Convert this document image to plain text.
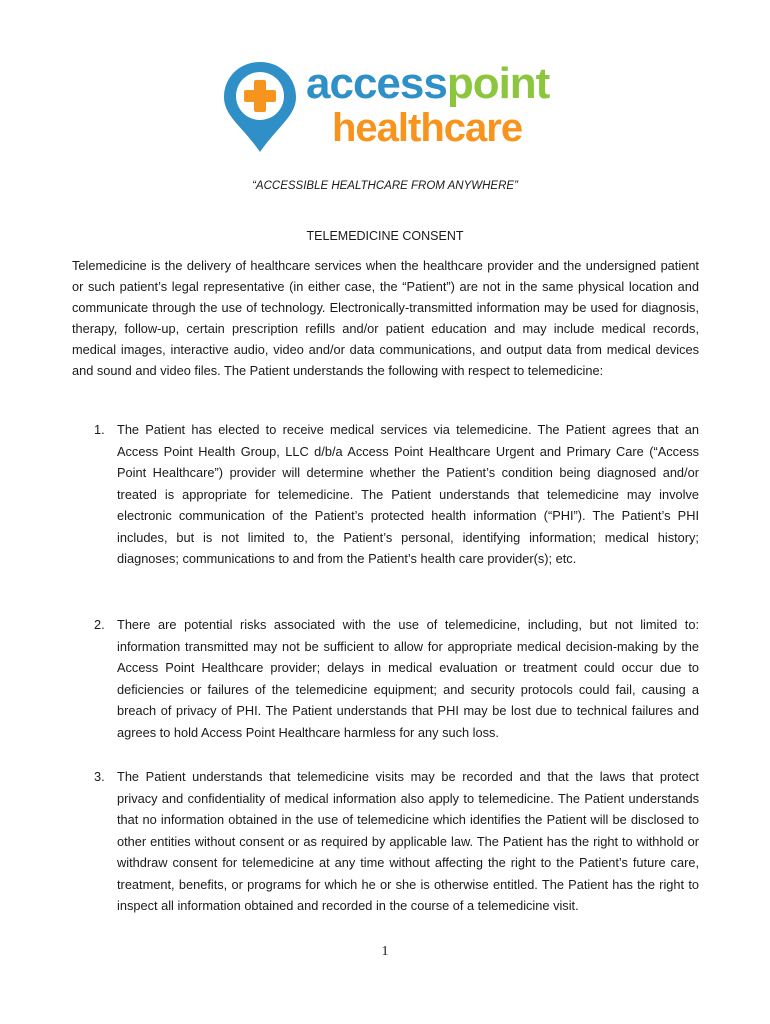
accesspoint
healthcare
“ACCESSIBLE HEALTHCARE FROM ANYWHERE”
TELEMEDICINE CONSENT

Telemedicine is the delivery of healthcare services when the healthcare provider and the undersigned patient or such patient’s legal representative (in either case, the “Patient”) are not in the same physical location and communicate through the use of technology. Electronically-transmitted information may be used for diagnosis, therapy, follow-up, certain prescription refills and/or patient education and may include medical records, medical images, interactive audio, video and/or data communications, and output data from medical devices and sound and video files. The Patient understands the following with respect to telemedicine:

1. The Patient has elected to receive medical services via telemedicine. The Patient agrees that an Access Point Health Group, LLC d/b/a Access Point Healthcare Urgent and Primary Care (“Access Point Healthcare”) provider will determine whether the Patient’s condition being diagnosed and/or treated is appropriate for telemedicine. The Patient understands that telemedicine may involve electronic communication of the Patient’s protected health information (“PHI”). The Patient’s PHI includes, but is not limited to, the Patient’s personal, identifying information; medical history; diagnoses; communications to and from the Patient’s health care provider(s); etc.
2. There are potential risks associated with the use of telemedicine, including, but not limited to: information transmitted may not be sufficient to allow for appropriate medical decision-making by the Access Point Healthcare provider; delays in medical evaluation or treatment could occur due to deficiencies or failures of the telemedicine equipment; and security protocols could fail, causing a breach of privacy of PHI. The Patient understands that PHI may be lost due to technical failures and agrees to hold Access Point Healthcare harmless for any such loss.
3. The Patient understands that telemedicine visits may be recorded and that the laws that protect privacy and confidentiality of medical information also apply to telemedicine. The Patient understands that no information obtained in the use of telemedicine which identifies the Patient will be disclosed to other entities without consent or as required by applicable law. The Patient has the right to withhold or withdraw consent for telemedicine at any time without affecting the right to the Patient’s future care, treatment, benefits, or programs for which he or she is otherwise entitled. The Patient has the right to inspect all information obtained and recorded in the course of a telemedicine visit.
1
